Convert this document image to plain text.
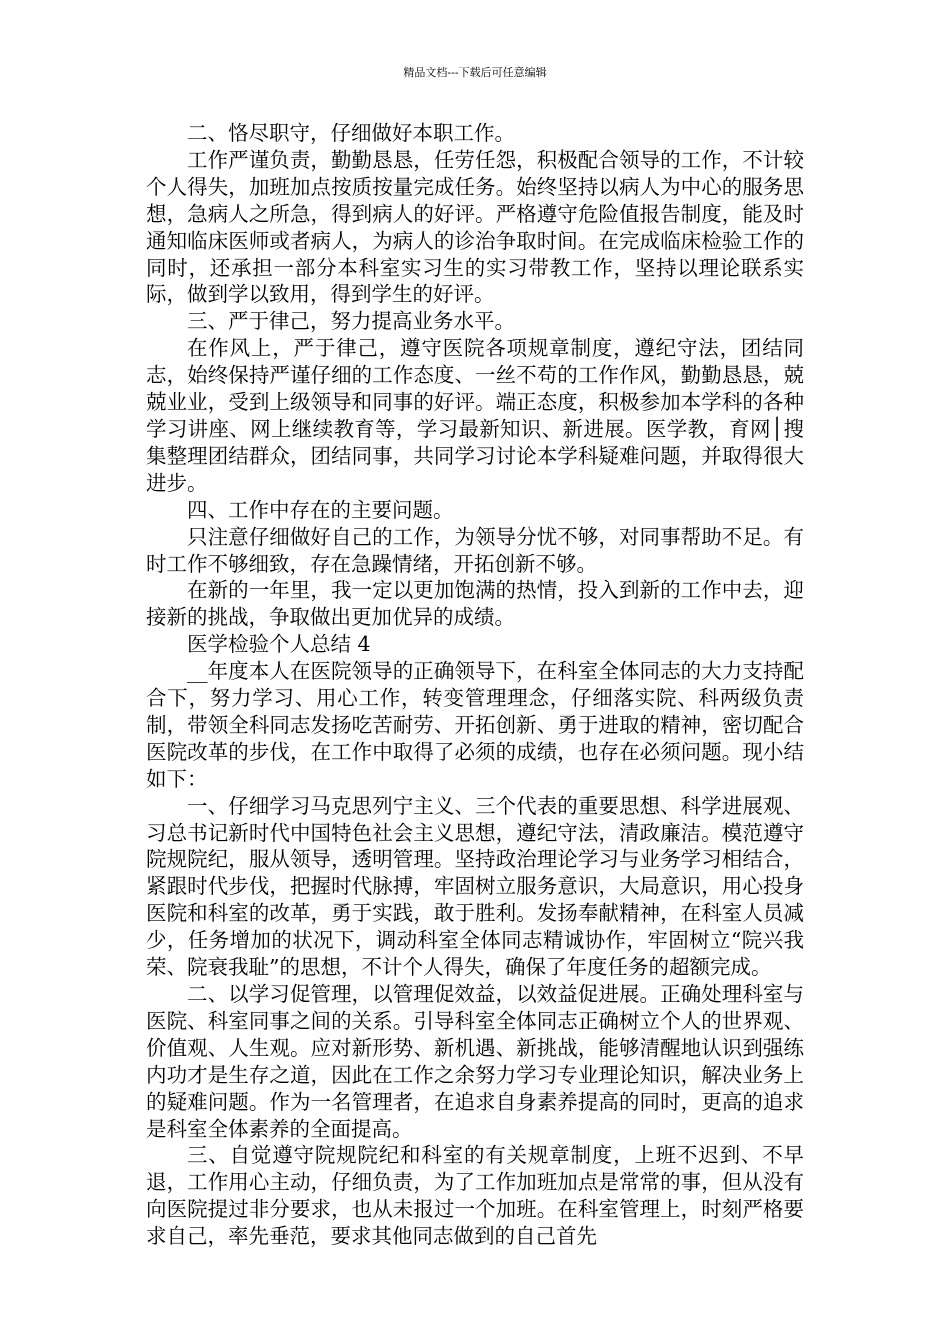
精品文档---下载后可任意编辑

二、恪尽职守，仔细做好本职工作。

工作严谨负责，勤勤恳恳，任劳任怨，积极配合领导的工作，不计较个人得失，加班加点按质按量完成任务。始终坚持以病人为中心的服务思想，急病人之所急，得到病人的好评。严格遵守危险值报告制度，能及时通知临床医师或者病人，为病人的诊治争取时间。在完成临床检验工作的同时，还承担一部分本科室实习生的实习带教工作，坚持以理论联系实际，做到学以致用，得到学生的好评。

三、严于律己，努力提高业务水平。

在作风上，严于律己，遵守医院各项规章制度，遵纪守法，团结同志，始终保持严谨仔细的工作态度、一丝不苟的工作作风，勤勤恳恳，兢兢业业，受到上级领导和同事的好评。端正态度，积极参加本学科的各种学习讲座、网上继续教育等，学习最新知识、新进展。医学教，育网│搜集整理团结群众，团结同事，共同学习讨论本学科疑难问题，并取得很大进步。

四、工作中存在的主要问题。

只注意仔细做好自己的工作，为领导分忧不够，对同事帮助不足。有时工作不够细致，存在急躁情绪，开拓创新不够。

在新的一年里，我一定以更加饱满的热情，投入到新的工作中去，迎接新的挑战，争取做出更加优异的成绩。

医学检验个人总结 4

__年度本人在医院领导的正确领导下，在科室全体同志的大力支持配合下，努力学习、用心工作，转变管理理念，仔细落实院、科两级负责制，带领全科同志发扬吃苦耐劳、开拓创新、勇于进取的精神，密切配合医院改革的步伐，在工作中取得了必须的成绩，也存在必须问题。现小结如下：

一、仔细学习马克思列宁主义、三个代表的重要思想、科学进展观、习总书记新时代中国特色社会主义思想，遵纪守法，清政廉洁。模范遵守院规院纪，服从领导，透明管理。坚持政治理论学习与业务学习相结合，紧跟时代步伐，把握时代脉搏，牢固树立服务意识，大局意识，用心投身医院和科室的改革，勇于实践，敢于胜利。发扬奉献精神，在科室人员减少，任务增加的状况下，调动科室全体同志精诚协作，牢固树立“院兴我荣、院衰我耻”的思想，不计个人得失，确保了年度任务的超额完成。

二、以学习促管理，以管理促效益，以效益促进展。正确处理科室与医院、科室同事之间的关系。引导科室全体同志正确树立个人的世界观、价值观、人生观。应对新形势、新机遇、新挑战，能够清醒地认识到强练内功才是生存之道，因此在工作之余努力学习专业理论知识，解决业务上的疑难问题。作为一名管理者，在追求自身素养提高的同时，更高的追求是科室全体素养的全面提高。

三、自觉遵守院规院纪和科室的有关规章制度，上班不迟到、不早退，工作用心主动，仔细负责，为了工作加班加点是常常的事，但从没有向医院提过非分要求，也从未报过一个加班。在科室管理上，时刻严格要求自己，率先垂范，要求其他同志做到的自己首先
